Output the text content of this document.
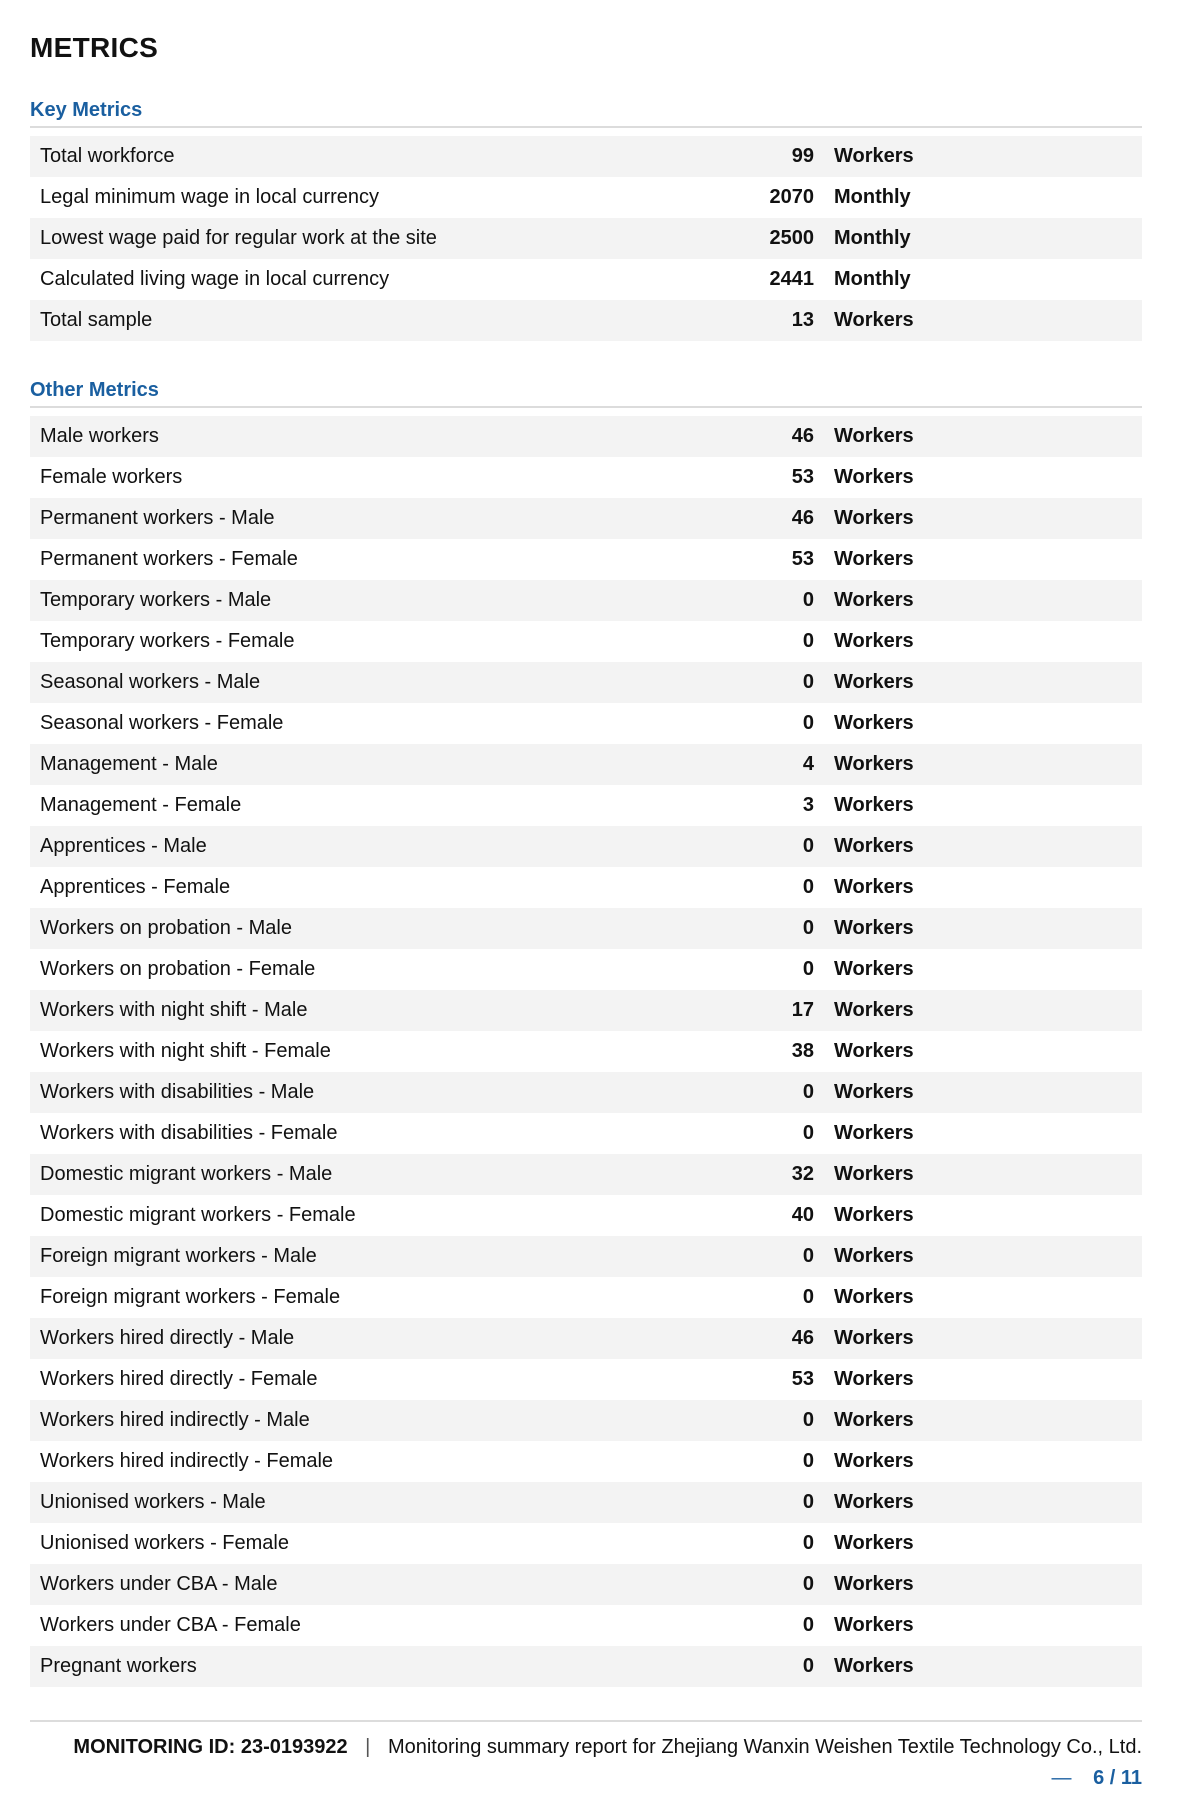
METRICS
Key Metrics
Total workforce	99	Workers
Legal minimum wage in local currency	2070	Monthly
Lowest wage paid for regular work at the site	2500	Monthly
Calculated living wage in local currency	2441	Monthly
Total sample	13	Workers
Other Metrics
Male workers	46	Workers
Female workers	53	Workers
Permanent workers - Male	46	Workers
Permanent workers - Female	53	Workers
Temporary workers - Male	0	Workers
Temporary workers - Female	0	Workers
Seasonal workers - Male	0	Workers
Seasonal workers - Female	0	Workers
Management - Male	4	Workers
Management - Female	3	Workers
Apprentices - Male	0	Workers
Apprentices - Female	0	Workers
Workers on probation - Male	0	Workers
Workers on probation - Female	0	Workers
Workers with night shift - Male	17	Workers
Workers with night shift - Female	38	Workers
Workers with disabilities - Male	0	Workers
Workers with disabilities - Female	0	Workers
Domestic migrant workers - Male	32	Workers
Domestic migrant workers - Female	40	Workers
Foreign migrant workers - Male	0	Workers
Foreign migrant workers - Female	0	Workers
Workers hired directly - Male	46	Workers
Workers hired directly - Female	53	Workers
Workers hired indirectly - Male	0	Workers
Workers hired indirectly - Female	0	Workers
Unionised workers - Male	0	Workers
Unionised workers - Female	0	Workers
Workers under CBA - Male	0	Workers
Workers under CBA - Female	0	Workers
Pregnant workers	0	Workers
MONITORING ID: 23-0193922 | Monitoring summary report for Zhejiang Wanxin Weishen Textile Technology Co., Ltd.
— 6 / 11
